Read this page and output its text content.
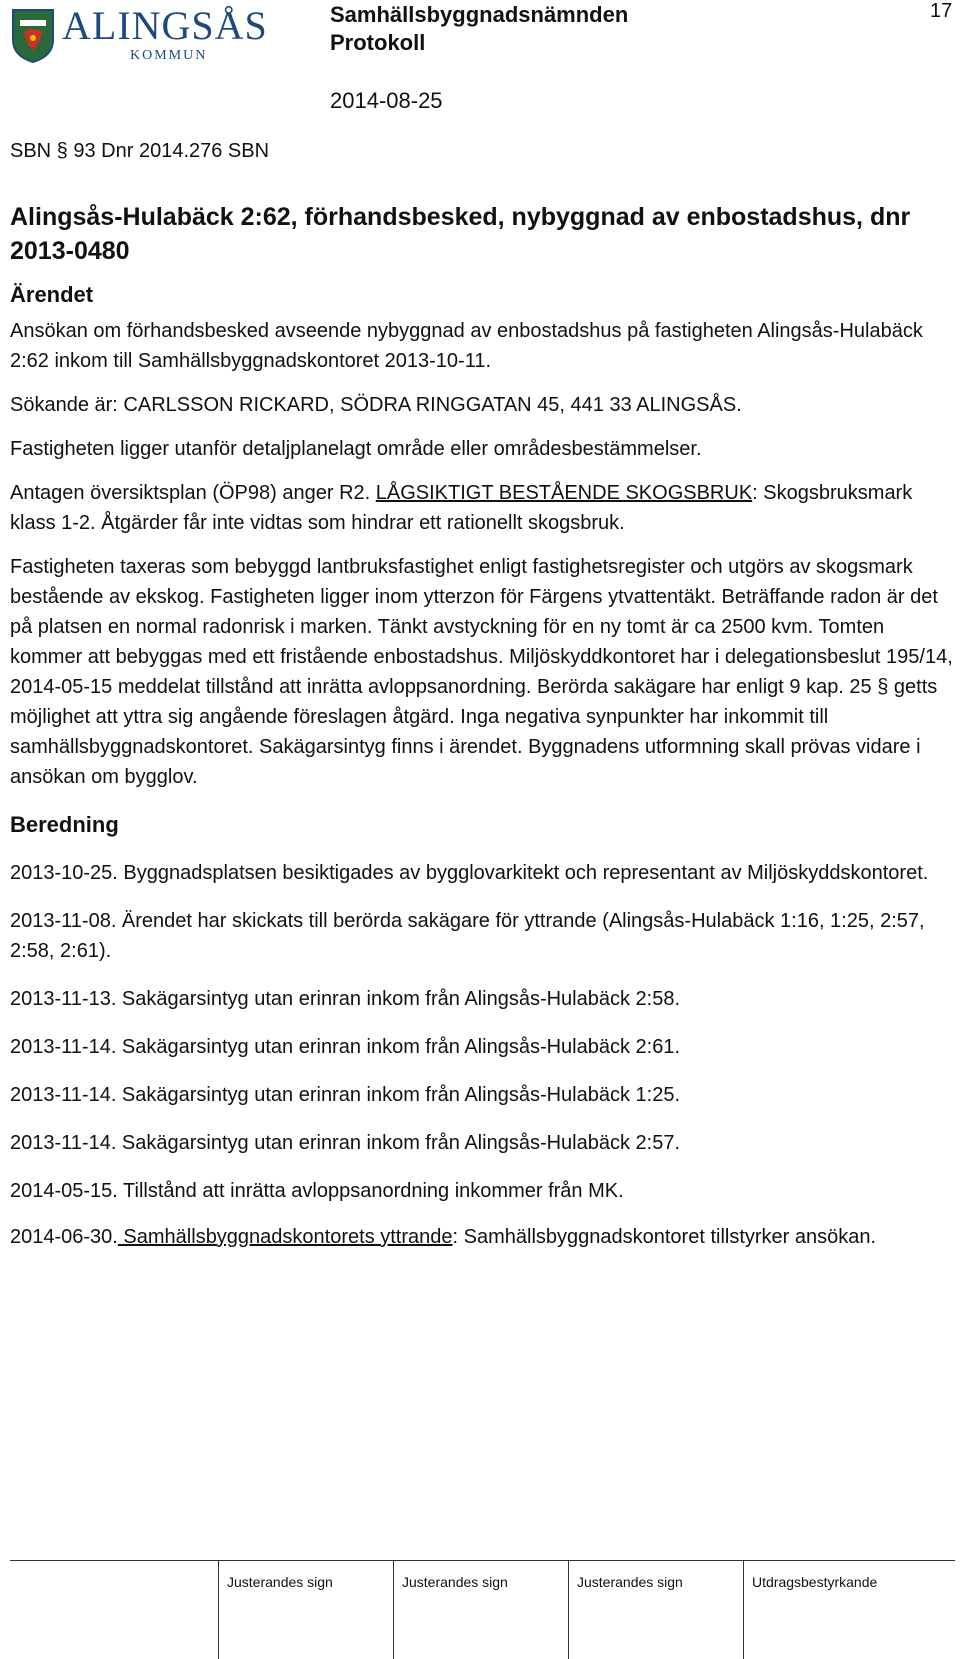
ALINGSÅS
KOMMUN
Samhällsbyggnadsnämnden
Protokoll
2014-08-25
17
SBN § 93 Dnr 2014.276 SBN
Alingsås-Hulabäck 2:62, förhandsbesked, nybyggnad av enbostadshus, dnr 2013-0480
Ärendet
Ansökan om förhandsbesked avseende nybyggnad av enbostadshus på fastigheten Alingsås-Hulabäck 2:62 inkom till Samhällsbyggnadskontoret 2013-10-11.
Sökande är: CARLSSON RICKARD, SÖDRA RINGGATAN 45, 441 33 ALINGSÅS.
Fastigheten ligger utanför detaljplanelagt område eller områdesbestämmelser.
Antagen översiktsplan (ÖP98) anger R2. LÅGSIKTIGT BESTÅENDE SKOGSBRUK: Skogsbruksmark klass 1-2. Åtgärder får inte vidtas som hindrar ett rationellt skogsbruk.
Fastigheten taxeras som bebyggd lantbruksfastighet enligt fastighetsregister och utgörs av skogsmark bestående av ekskog. Fastigheten ligger inom ytterzon för Färgens ytvattentäkt. Beträffande radon är det på platsen en normal radonrisk i marken. Tänkt avstyckning för en ny tomt är ca 2500 kvm. Tomten kommer att bebyggas med ett fristående enbostadshus. Miljöskyddkontoret har i delegationsbeslut 195/14, 2014-05-15 meddelat tillstånd att inrätta avloppsanordning. Berörda sakägare har enligt 9 kap. 25 § getts möjlighet att yttra sig angående föreslagen åtgärd. Inga negativa synpunkter har inkommit till samhällsbyggnadskontoret. Sakägarsintyg finns i ärendet. Byggnadens utformning skall prövas vidare i ansökan om bygglov.
Beredning
2013-10-25. Byggnadsplatsen besiktigades av bygglovarkitekt och representant av Miljöskyddskontoret.
2013-11-08. Ärendet har skickats till berörda sakägare för yttrande (Alingsås-Hulabäck 1:16, 1:25, 2:57, 2:58, 2:61).
2013-11-13. Sakägarsintyg utan erinran inkom från Alingsås-Hulabäck 2:58.
2013-11-14. Sakägarsintyg utan erinran inkom från Alingsås-Hulabäck 2:61.
2013-11-14. Sakägarsintyg utan erinran inkom från Alingsås-Hulabäck 1:25.
2013-11-14. Sakägarsintyg utan erinran inkom från Alingsås-Hulabäck 2:57.
2014-05-15. Tillstånd att inrätta avloppsanordning inkommer från MK.
2014-06-30. Samhällsbyggnadskontorets yttrande: Samhällsbyggnadskontoret tillstyrker ansökan.
Justerandes sign	Justerandes sign	Justerandes sign	Utdragsbestyrkande
